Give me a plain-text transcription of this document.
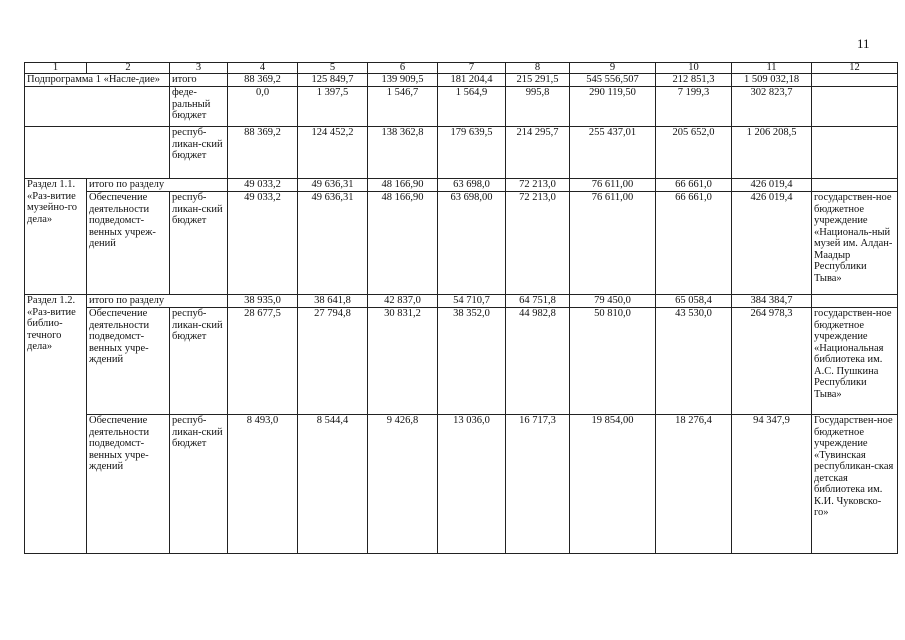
11
1	2	3	4	5	6	7	8	9	10	11	12
Подпрограмма 1 «Насле-дие»		итого	88 369,2	125 849,7	139 909,5	181 204,4	215 291,5	545 556,507	212 851,3	1 509 032,18	
		феде-ральный бюджет	0,0	1 397,5	1 546,7	1 564,9	995,8	290 119,50	7 199,3	302 823,7	
		респуб-ликан-ский бюджет	88 369,2	124 452,2	138 362,8	179 639,5	214 295,7	255 437,01	205 652,0	1 206 208,5	
Раздел 1.1. «Раз-витие музейно-го дела»	итого по разделу		49 033,2	49 636,31	48 166,90	63 698,0	72 213,0	76 611,00	66 661,0	426 019,4	
	Обеспечение деятельности подведомст-венных учреж-дений	респуб-ликан-ский бюджет	49 033,2	49 636,31	48 166,90	63 698,00	72 213,0	76 611,00	66 661,0	426 019,4	государствен-ное бюджетное учреждение «Националь-ный музей им. Алдан-Маадыр Республики Тыва»
Раздел 1.2. «Раз-витие библио-течного дела»	итого по разделу		38 935,0	38 641,8	42 837,0	54 710,7	64 751,8	79 450,0	65 058,4	384 384,7	
	Обеспечение деятельности подведомст-венных учре-ждений	респуб-ликан-ский бюджет	28 677,5	27 794,8	30 831,2	38 352,0	44 982,8	50 810,0	43 530,0	264 978,3	государствен-ное бюджетное учреждение «Национальная библиотека им. А.С. Пушкина Республики Тыва»
	Обеспечение деятельности подведомст-венных учре-ждений	респуб-ликан-ский бюджет	8 493,0	8 544,4	9 426,8	13 036,0	16 717,3	19 854,00	18 276,4	94 347,9	Государствен-ное бюджетное учреждение «Тувинская республикан-ская детская библиотека им. К.И. Чуковско-го»
